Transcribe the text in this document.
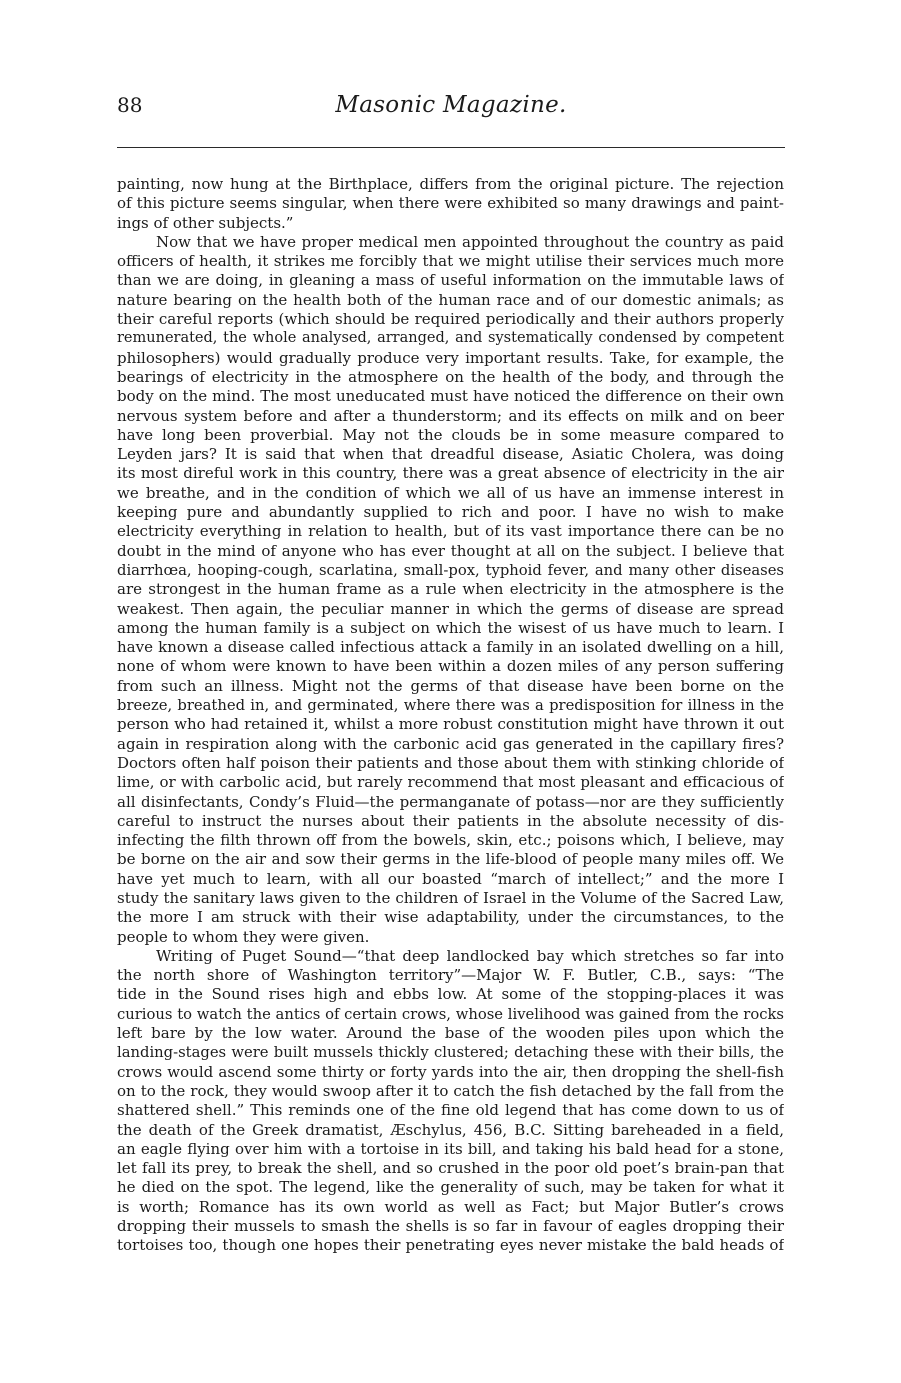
88	Masonic Magazine.
painting, now hung at the Birthplace, differs from the original picture. The rejection
of this picture seems singular, when there were exhibited so many drawings and paint-
ings of other subjects.”
Now that we have proper medical men appointed throughout the country as paid
officers of health, it strikes me forcibly that we might utilise their services much more
than we are doing, in gleaning a mass of useful information on the immutable laws of
nature bearing on the health both of the human race and of our domestic animals; as
their careful reports (which should be required periodically and their authors properly
remunerated, the whole analysed, arranged, and systematically condensed by competent
philosophers) would gradually produce very important results. Take, for example, the
bearings of electricity in the atmosphere on the health of the body, and through the
body on the mind. The most uneducated must have noticed the difference on their own
nervous system before and after a thunderstorm; and its effects on milk and on beer
have long been proverbial. May not the clouds be in some measure compared to
Leyden jars? It is said that when that dreadful disease, Asiatic Cholera, was doing
its most direful work in this country, there was a great absence of electricity in the air
we breathe, and in the condition of which we all of us have an immense interest in
keeping pure and abundantly supplied to rich and poor. I have no wish to make
electricity everything in relation to health, but of its vast importance there can be no
doubt in the mind of anyone who has ever thought at all on the subject. I believe that
diarrhœa, hooping-cough, scarlatina, small-pox, typhoid fever, and many other diseases
are strongest in the human frame as a rule when electricity in the atmosphere is the
weakest. Then again, the peculiar manner in which the germs of disease are spread
among the human family is a subject on which the wisest of us have much to learn. I
have known a disease called infectious attack a family in an isolated dwelling on a hill,
none of whom were known to have been within a dozen miles of any person suffering
from such an illness. Might not the germs of that disease have been borne on the
breeze, breathed in, and germinated, where there was a predisposition for illness in the
person who had retained it, whilst a more robust constitution might have thrown it out
again in respiration along with the carbonic acid gas generated in the capillary fires?
Doctors often half poison their patients and those about them with stinking chloride of
lime, or with carbolic acid, but rarely recommend that most pleasant and efficacious of
all disinfectants, Condy’s Fluid—the permanganate of potass—nor are they sufficiently
careful to instruct the nurses about their patients in the absolute necessity of dis-
infecting the filth thrown off from the bowels, skin, etc.; poisons which, I believe, may
be borne on the air and sow their germs in the life-blood of people many miles off. We
have yet much to learn, with all our boasted “march of intellect;” and the more I
study the sanitary laws given to the children of Israel in the Volume of the Sacred Law,
the more I am struck with their wise adaptability, under the circumstances, to the
people to whom they were given.
Writing of Puget Sound—“that deep landlocked bay which stretches so far into
the north shore of Washington territory”—Major W. F. Butler, C.B., says: “The
tide in the Sound rises high and ebbs low. At some of the stopping-places it was
curious to watch the antics of certain crows, whose livelihood was gained from the rocks
left bare by the low water. Around the base of the wooden piles upon which the
landing-stages were built mussels thickly clustered; detaching these with their bills, the
crows would ascend some thirty or forty yards into the air, then dropping the shell-fish
on to the rock, they would swoop after it to catch the fish detached by the fall from the
shattered shell.” This reminds one of the fine old legend that has come down to us of
the death of the Greek dramatist, Æschylus, 456, B.C. Sitting bareheaded in a field,
an eagle flying over him with a tortoise in its bill, and taking his bald head for a stone,
let fall its prey, to break the shell, and so crushed in the poor old poet’s brain-pan that
he died on the spot. The legend, like the generality of such, may be taken for what it
is worth; Romance has its own world as well as Fact; but Major Butler’s crows
dropping their mussels to smash the shells is so far in favour of eagles dropping their
tortoises too, though one hopes their penetrating eyes never mistake the bald heads of
